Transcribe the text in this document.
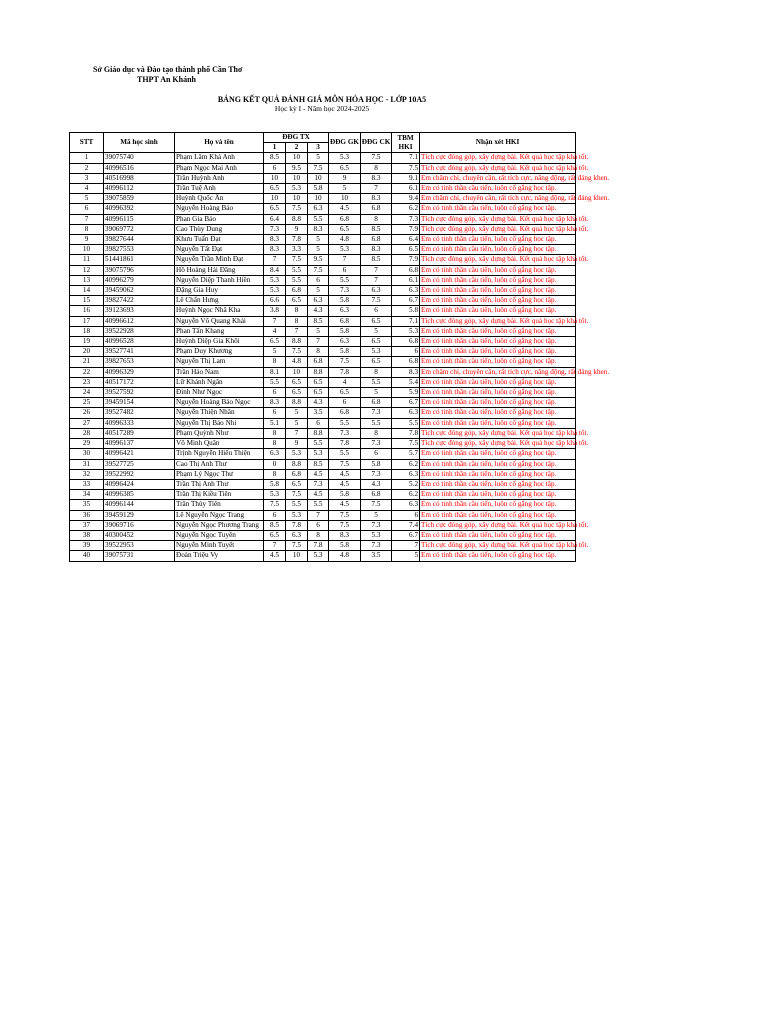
Sở Giáo dục và Đào tạo thành phố Cần Thơ
THPT An Khánh
BẢNG KẾT QUẢ ĐÁNH GIÁ MÔN HÓA HỌC - LỚP 10A5
Học kỳ I - Năm học 2024-2025
STT	Mã học sinh	Họ và tên	ĐĐG TX			ĐĐG GK	ĐĐG CK	TBM HKI	Nhận xét HKI
			1	2	3				
1	39075740	Phạm Lâm Khả Anh	8.5	10	5	5.3	7.5	7.1	Tích cực đóng góp, xây dựng bài. Kết quả học tập khá tốt.
2	40996516	Phạm Ngọc Mai Anh	6	9.5	7.5	6.5	8	7.5	Tích cực đóng góp, xây dựng bài. Kết quả học tập khá tốt.
3	40516998	Trần Huỳnh Anh	10	10	10	9	8.3	9.1	Em chăm chỉ, chuyên cần, rất tích cực, năng động, rất đáng khen.
4	40996112	Trần Tuệ Anh	6.5	5.3	5.8	5	7	6.1	Em có tinh thần cầu tiến, luôn cố gắng học tập.
5	39075859	Huỳnh Quốc Ân	10	10	10	10	8.3	9.4	Em chăm chỉ, chuyên cần, rất tích cực, năng động, rất đáng khen.
6	40996392	Nguyễn Hoàng Bảo	6.5	7.5	6.3	4.5	6.8	6.2	Em có tinh thần cầu tiến, luôn cố gắng học tập.
7	40996115	Phan Gia Bảo	6.4	8.8	5.5	6.8	8	7.3	Tích cực đóng góp, xây dựng bài. Kết quả học tập khá tốt.
8	39069772	Cao Thùy Dung	7.3	9	8.3	6.5	8.5	7.9	Tích cực đóng góp, xây dựng bài. Kết quả học tập khá tốt.
9	39827644	Khưu Tuấn Đạt	8.3	7.8	5	4.8	6.8	6.4	Em có tinh thần cầu tiến, luôn cố gắng học tập.
10	39827553	Nguyễn Tất Đạt	8.3	3.3	5	5.3	8.3	6.5	Em có tinh thần cầu tiến, luôn cố gắng học tập.
11	51441861	Nguyễn Trần Minh Đạt	7	7.5	9.5	7	8.5	7.9	Tích cực đóng góp, xây dựng bài. Kết quả học tập khá tốt.
12	39075796	Hồ Hoàng Hải Đăng	8.4	5.5	7.5	6	7	6.8	Em có tinh thần cầu tiến, luôn cố gắng học tập.
13	40996279	Nguyễn Diệp Thanh Hiền	5.3	5.5	6	5.5	7	6.1	Em có tinh thần cầu tiến, luôn cố gắng học tập.
14	39459062	Đặng Gia Huy	5.3	6.8	5	7.3	6.3	6.3	Em có tinh thần cầu tiến, luôn cố gắng học tập.
15	39827422	Lê Chấn Hưng	6.6	6.5	6.3	5.8	7.5	6.7	Em có tinh thần cầu tiến, luôn cố gắng học tập.
16	39123693	Huỳnh Ngọc Nhã Kha	3.8	8	4.3	6.3	6	5.8	Em có tinh thần cầu tiến, luôn cố gắng học tập.
17	40996612	Nguyễn Võ Quang Khải	7	8	8.5	6.8	6.5	7.1	Tích cực đóng góp, xây dựng bài. Kết quả học tập khá tốt.
18	39522928	Phan Tấn Khang	4	7	5	5.8	5	5.3	Em có tinh thần cầu tiến, luôn cố gắng học tập.
19	40996528	Huỳnh Diệp Gia Khôi	6.5	8.8	7	6.3	6.5	6.8	Em có tinh thần cầu tiến, luôn cố gắng học tập.
20	39527741	Phạm Duy Khương	5	7.5	8	5.8	5.3	6	Em có tinh thần cầu tiến, luôn cố gắng học tập.
21	39827653	Nguyễn Thị Lam	8	4.8	6.8	7.5	6.5	6.8	Em có tinh thần cầu tiến, luôn cố gắng học tập.
22	40996329	Trần Hảo Nam	8.1	10	8.8	7.8	8	8.3	Em chăm chỉ, chuyên cần, rất tích cực, năng động, rất đáng khen.
23	40517172	Lữ Khánh Ngân	5.5	6.5	6.5	4	5.5	5.4	Em có tinh thần cầu tiến, luôn cố gắng học tập.
24	39527592	Đinh Như Ngọc	6	6.5	6.5	6.5	5	5.9	Em có tinh thần cầu tiến, luôn cố gắng học tập.
25	39459154	Nguyễn Hoàng Bảo Ngọc	8.3	8.8	4.3	6	6.8	6.7	Em có tinh thần cầu tiến, luôn cố gắng học tập.
26	39527482	Nguyễn Thiện Nhân	6	5	3.5	6.8	7.3	6.3	Em có tinh thần cầu tiến, luôn cố gắng học tập.
27	40996333	Nguyễn Thị Bảo Nhi	5.1	5	6	5.5	5.5	5.5	Em có tinh thần cầu tiến, luôn cố gắng học tập.
28	40517289	Phạm Quỳnh Như	8	7	8.8	7.3	8	7.8	Tích cực đóng góp, xây dựng bài. Kết quả học tập khá tốt.
29	40996137	Võ Minh Quân	8	9	5.5	7.8	7.3	7.5	Tích cực đóng góp, xây dựng bài. Kết quả học tập khá tốt.
30	40996421	Trịnh Nguyễn Hiếu Thiện	6.3	5.3	5.3	5.5	6	5.7	Em có tinh thần cầu tiến, luôn cố gắng học tập.
31	39527725	Cao Thị Anh Thư	0	8.8	8.5	7.5	5.8	6.2	Em có tinh thần cầu tiến, luôn cố gắng học tập.
32	39522992	Phạm Lý Ngọc Thư	8	6.8	4.5	4.5	7.3	6.3	Em có tinh thần cầu tiến, luôn cố gắng học tập.
33	40996424	Trần Thị Anh Thư	5.8	6.5	7.3	4.5	4.3	5.2	Em có tinh thần cầu tiến, luôn cố gắng học tập.
34	40996385	Trần Thị Kiều Tiên	5.3	7.5	4.5	5.8	6.8	6.2	Em có tinh thần cầu tiến, luôn cố gắng học tập.
35	40996144	Trần Thùy Tiên	7.5	5.5	5.5	4.5	7.5	6.3	Em có tinh thần cầu tiến, luôn cố gắng học tập.
36	39459129	Lê Nguyễn Ngọc Trang	6	5.3	7	7.5	5	6	Em có tinh thần cầu tiến, luôn cố gắng học tập.
37	39069716	Nguyễn Ngọc Phương Trang	8.5	7.8	6	7.5	7.3	7.4	Tích cực đóng góp, xây dựng bài. Kết quả học tập khá tốt.
38	40300452	Nguyễn Ngọc Tuyền	6.5	6.3	8	8.3	5.3	6.7	Em có tinh thần cầu tiến, luôn cố gắng học tập.
39	39522953	Nguyễn Minh Tuyết	7	7.5	7.8	5.8	7.3	7	Tích cực đóng góp, xây dựng bài. Kết quả học tập khá tốt.
40	39075731	Đoàn Triệu Vy	4.5	10	5.3	4.8	3.5	5	Em có tinh thần cầu tiến, luôn cố gắng học tập.
